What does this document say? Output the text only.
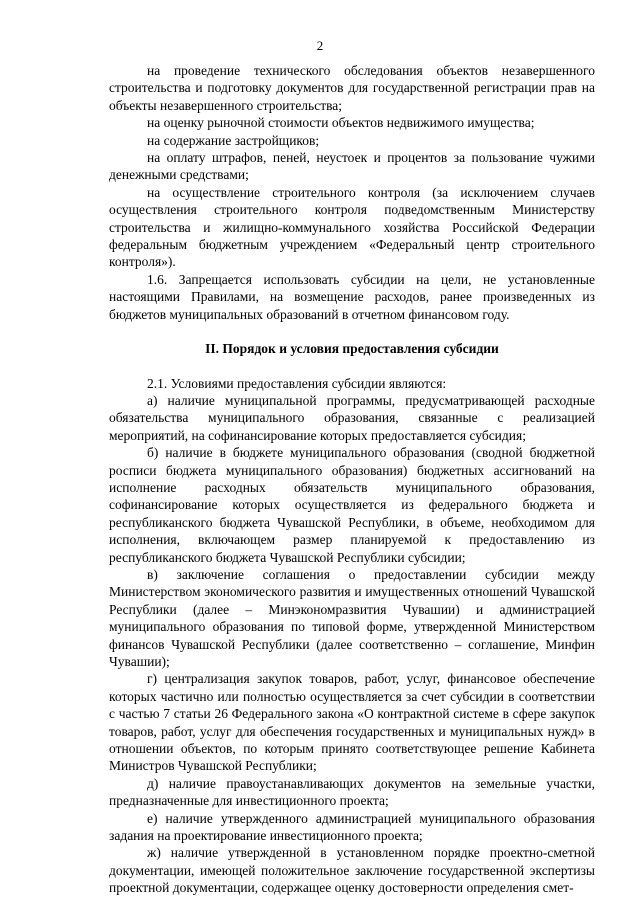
2

на проведение технического обследования объектов незавершенного строительства и подготовку документов для государственной регистрации прав на объекты незавершенного строительства;

на оценку рыночной стоимости объектов недвижимого имущества;

на содержание застройщиков;

на оплату штрафов, пеней, неустоек и процентов за пользование чужими денежными средствами;

на осуществление строительного контроля (за исключением случаев осуществления строительного контроля подведомственным Министерству строительства и жилищно-коммунального хозяйства Российской Федерации федеральным бюджетным учреждением «Федеральный центр строительного контроля»).

1.6. Запрещается использовать субсидии на цели, не установленные настоящими Правилами, на возмещение расходов, ранее произведенных из бюджетов муниципальных образований в отчетном финансовом году.

II. Порядок и условия предоставления субсидии

2.1. Условиями предоставления субсидии являются:

а) наличие муниципальной программы, предусматривающей расходные обязательства муниципального образования, связанные с реализацией мероприятий, на софинансирование которых предоставляется субсидия;

б) наличие в бюджете муниципального образования (сводной бюджетной росписи бюджета муниципального образования) бюджетных ассигнований на исполнение расходных обязательств муниципального образования, софинансирование которых осуществляется из федерального бюджета и республиканского бюджета Чувашской Республики, в объеме, необходимом для исполнения, включающем размер планируемой к предоставлению из республиканского бюджета Чувашской Республики субсидии;

в) заключение соглашения о предоставлении субсидии между Министерством экономического развития и имущественных отношений Чувашской Республики (далее – Минэкономразвития Чувашии) и администрацией муниципального образования по типовой форме, утвержденной Министерством финансов Чувашской Республики (далее соответственно – соглашение, Минфин Чувашии);

г) централизация закупок товаров, работ, услуг, финансовое обеспечение которых частично или полностью осуществляется за счет субсидии в соответствии с частью 7 статьи 26 Федерального закона «О контрактной системе в сфере закупок товаров, работ, услуг для обеспечения государственных и муниципальных нужд» в отношении объектов, по которым принято соответствующее решение Кабинета Министров Чувашской Республики;

д) наличие правоустанавливающих документов на земельные участки, предназначенные для инвестиционного проекта;

е) наличие утвержденного администрацией муниципального образования задания на проектирование инвестиционного проекта;

ж) наличие утвержденной в установленном порядке проектно-сметной документации, имеющей положительное заключение государственной экспертизы проектной документации, содержащее оценку достоверности определения смет-
